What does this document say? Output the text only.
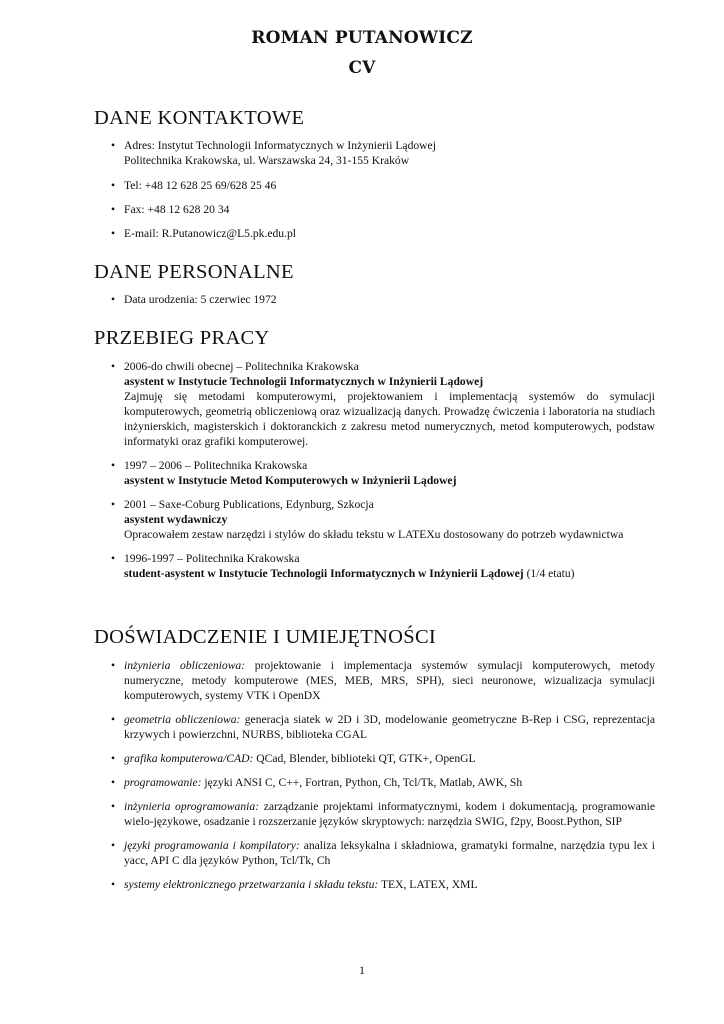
ROMAN PUTANOWICZ
CV
DANE KONTAKTOWE
• Adres: Instytut Technologii Informatycznych w Inżynierii Lądowej
Politechnika Krakowska, ul. Warszawska 24, 31-155 Kraków
• Tel: +48 12 628 25 69/628 25 46
• Fax: +48 12 628 20 34
• E-mail: R.Putanowicz@L5.pk.edu.pl
DANE PERSONALNE
• Data urodzenia: 5 czerwiec 1972
PRZEBIEG PRACY
• 2006-do chwili obecnej – Politechnika Krakowska
asystent w Instytucie Technologii Informatycznych w Inżynierii Lądowej
Zajmuję się metodami komputerowymi, projektowaniem i implementacją systemów do symulacji komputerowych, geometrią obliczeniową oraz wizualizacją danych. Prowadzę ćwiczenia i laboratoria na studiach inżynierskich, magisterskich i doktoranckich z zakresu metod numerycznych, metod komputerowych, podstaw informatyki oraz grafiki komputerowej.
• 1997 – 2006 – Politechnika Krakowska
asystent w Instytucie Metod Komputerowych w Inżynierii Lądowej
• 2001 – Saxe-Coburg Publications, Edynburg, Szkocja
asystent wydawniczy
Opracowałem zestaw narzędzi i stylów do składu tekstu w LATEXu dostosowany do potrzeb wydawnictwa
• 1996-1997 – Politechnika Krakowska
student-asystent w Instytucie Technologii Informatycznych w Inżynierii Lądowej (1/4 etatu)
DOŚWIADCZENIE I UMIEJĘTNOŚCI
• inżynieria obliczeniowa: projektowanie i implementacja systemów symulacji komputerowych, metody numeryczne, metody komputerowe (MES, MEB, MRS, SPH), sieci neuronowe, wizualizacja symulacji komputerowych, systemy VTK i OpenDX
• geometria obliczeniowa: generacja siatek w 2D i 3D, modelowanie geometryczne B-Rep i CSG, reprezentacja krzywych i powierzchni, NURBS, biblioteka CGAL
• grafika komputerowa/CAD: QCad, Blender, biblioteki QT, GTK+, OpenGL
• programowanie: języki ANSI C, C++, Fortran, Python, Ch, Tcl/Tk, Matlab, AWK, Sh
• inżynieria oprogramowania: zarządzanie projektami informatycznymi, kodem i dokumentacją, programowanie wielo-językowe, osadzanie i rozszerzanie języków skryptowych: narzędzia SWIG, f2py, Boost.Python, SIP
• języki programowania i kompilatory: analiza leksykalna i składniowa, gramatyki formalne, narzędzia typu lex i yacc, API C dla języków Python, Tcl/Tk, Ch
• systemy elektronicznego przetwarzania i składu tekstu: TEX, LATEX, XML
1
